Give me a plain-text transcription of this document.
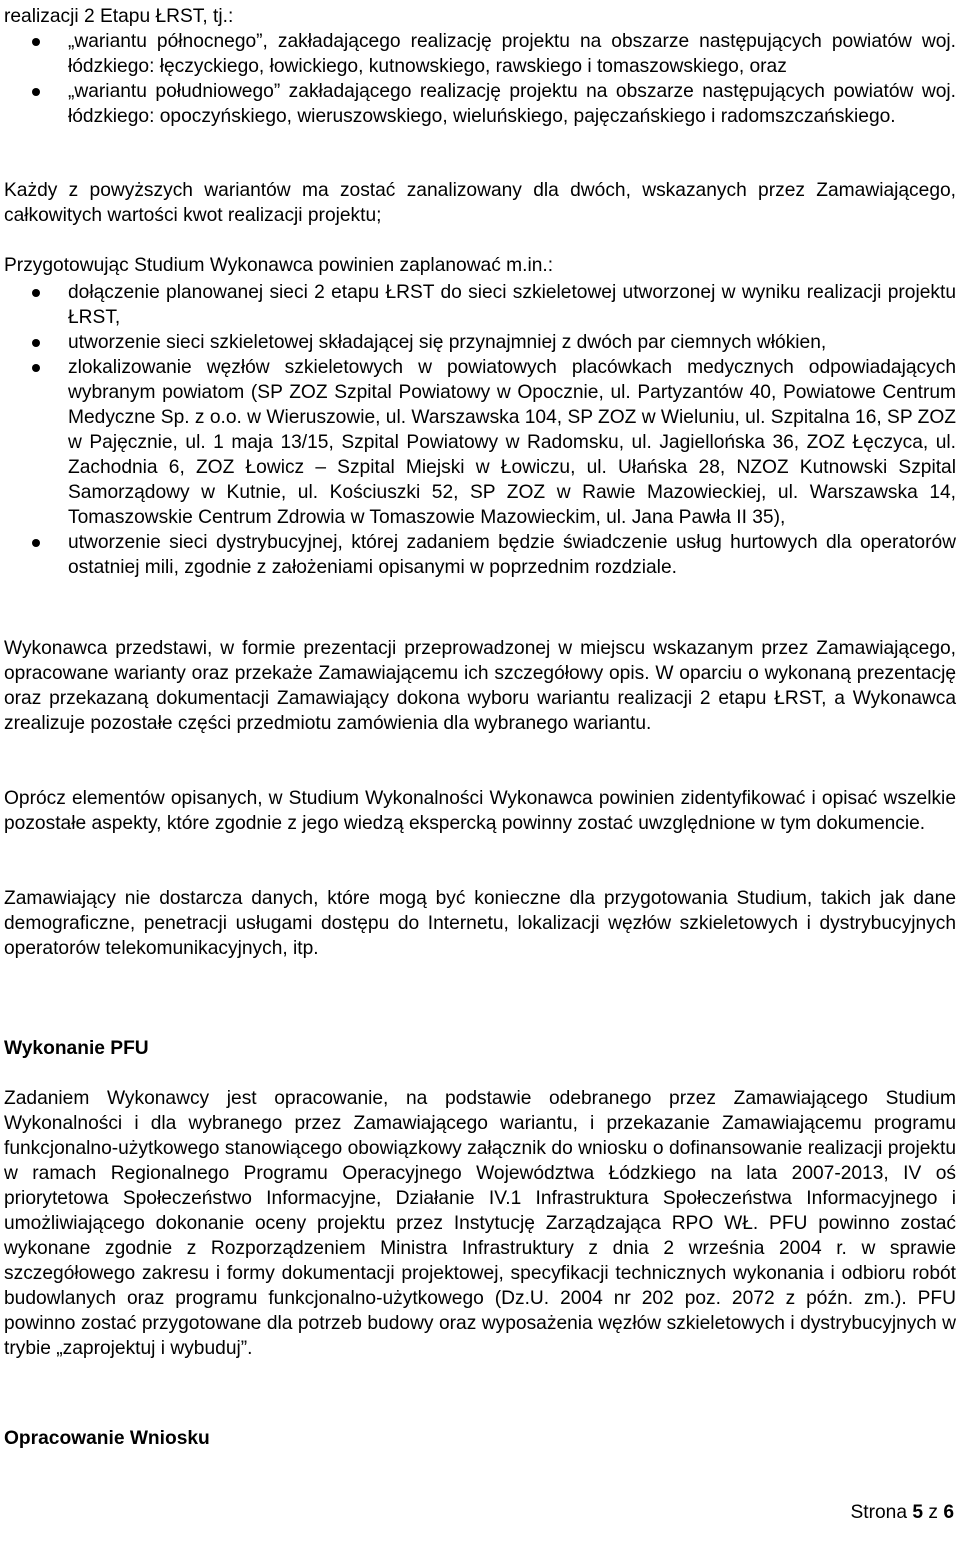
realizacji 2 Etapu ŁRST, tj.:

„wariantu północnego”, zakładającego realizację projektu na obszarze następujących powiatów woj. łódzkiego: łęczyckiego, łowickiego, kutnowskiego, rawskiego i tomaszowskiego, oraz
„wariantu południowego” zakładającego realizację projektu na obszarze następujących powiatów woj. łódzkiego: opoczyńskiego, wieruszowskiego, wieluńskiego, pajęczańskiego i radomszczańskiego.

Każdy z powyższych wariantów ma zostać zanalizowany dla dwóch, wskazanych przez Zamawiającego, całkowitych wartości kwot realizacji projektu;

Przygotowując Studium Wykonawca powinien zaplanować m.in.:

dołączenie planowanej sieci 2 etapu ŁRST do sieci szkieletowej utworzonej w wyniku realizacji projektu ŁRST,
utworzenie sieci szkieletowej składającej się przynajmniej z dwóch par ciemnych włókien,
zlokalizowanie węzłów szkieletowych w powiatowych placówkach medycznych odpowiadających wybranym powiatom (SP ZOZ Szpital Powiatowy w Opocznie, ul. Partyzantów 40, Powiatowe Centrum Medyczne Sp. z o.o. w Wieruszowie, ul. Warszawska 104, SP ZOZ w Wieluniu, ul. Szpitalna 16, SP ZOZ w Pajęcznie, ul. 1 maja 13/15, Szpital Powiatowy w Radomsku, ul. Jagiellońska 36, ZOZ Łęczyca, ul. Zachodnia 6, ZOZ Łowicz – Szpital Miejski w Łowiczu, ul. Ułańska 28, NZOZ Kutnowski Szpital Samorządowy w Kutnie, ul. Kościuszki 52, SP ZOZ w Rawie Mazowieckiej, ul. Warszawska 14, Tomaszowskie Centrum Zdrowia w Tomaszowie Mazowieckim, ul. Jana Pawła II 35),
utworzenie sieci dystrybucyjnej, której zadaniem będzie świadczenie usług hurtowych dla operatorów ostatniej mili, zgodnie z założeniami opisanymi w poprzednim rozdziale.

Wykonawca przedstawi, w formie prezentacji przeprowadzonej w miejscu wskazanym przez Zamawiającego, opracowane warianty oraz przekaże Zamawiającemu ich szczegółowy opis. W oparciu o wykonaną prezentację oraz przekazaną dokumentacji Zamawiający dokona wyboru wariantu realizacji 2 etapu ŁRST, a Wykonawca zrealizuje pozostałe części przedmiotu zamówienia dla wybranego wariantu.

Oprócz elementów opisanych, w Studium Wykonalności Wykonawca powinien zidentyfikować i opisać wszelkie pozostałe aspekty, które zgodnie z jego wiedzą ekspercką powinny zostać uwzględnione w tym dokumencie.

Zamawiający nie dostarcza danych, które mogą być konieczne dla przygotowania Studium, takich jak dane demograficzne, penetracji usługami dostępu do Internetu, lokalizacji węzłów szkieletowych i dystrybucyjnych operatorów telekomunikacyjnych, itp.

Wykonanie PFU

Zadaniem Wykonawcy jest opracowanie, na podstawie odebranego przez Zamawiającego Studium Wykonalności i dla wybranego przez Zamawiającego wariantu, i przekazanie Zamawiającemu programu funkcjonalno-użytkowego stanowiącego obowiązkowy załącznik do wniosku o dofinansowanie realizacji projektu w ramach Regionalnego Programu Operacyjnego Województwa Łódzkiego na lata 2007-2013, IV oś priorytetowa Społeczeństwo Informacyjne, Działanie IV.1 Infrastruktura Społeczeństwa Informacyjnego i umożliwiającego dokonanie oceny projektu przez Instytucję Zarządzająca RPO WŁ. PFU powinno zostać wykonane zgodnie z Rozporządzeniem Ministra Infrastruktury z dnia 2 września 2004 r. w sprawie szczegółowego zakresu i formy dokumentacji projektowej, specyfikacji technicznych wykonania i odbioru robót budowlanych oraz programu funkcjonalno-użytkowego (Dz.U. 2004 nr 202 poz. 2072 z późn. zm.). PFU powinno zostać przygotowane dla potrzeb budowy oraz wyposażenia węzłów szkieletowych i dystrybucyjnych w trybie „zaprojektuj i wybuduj”.

Opracowanie Wniosku

Strona 5 z 6
